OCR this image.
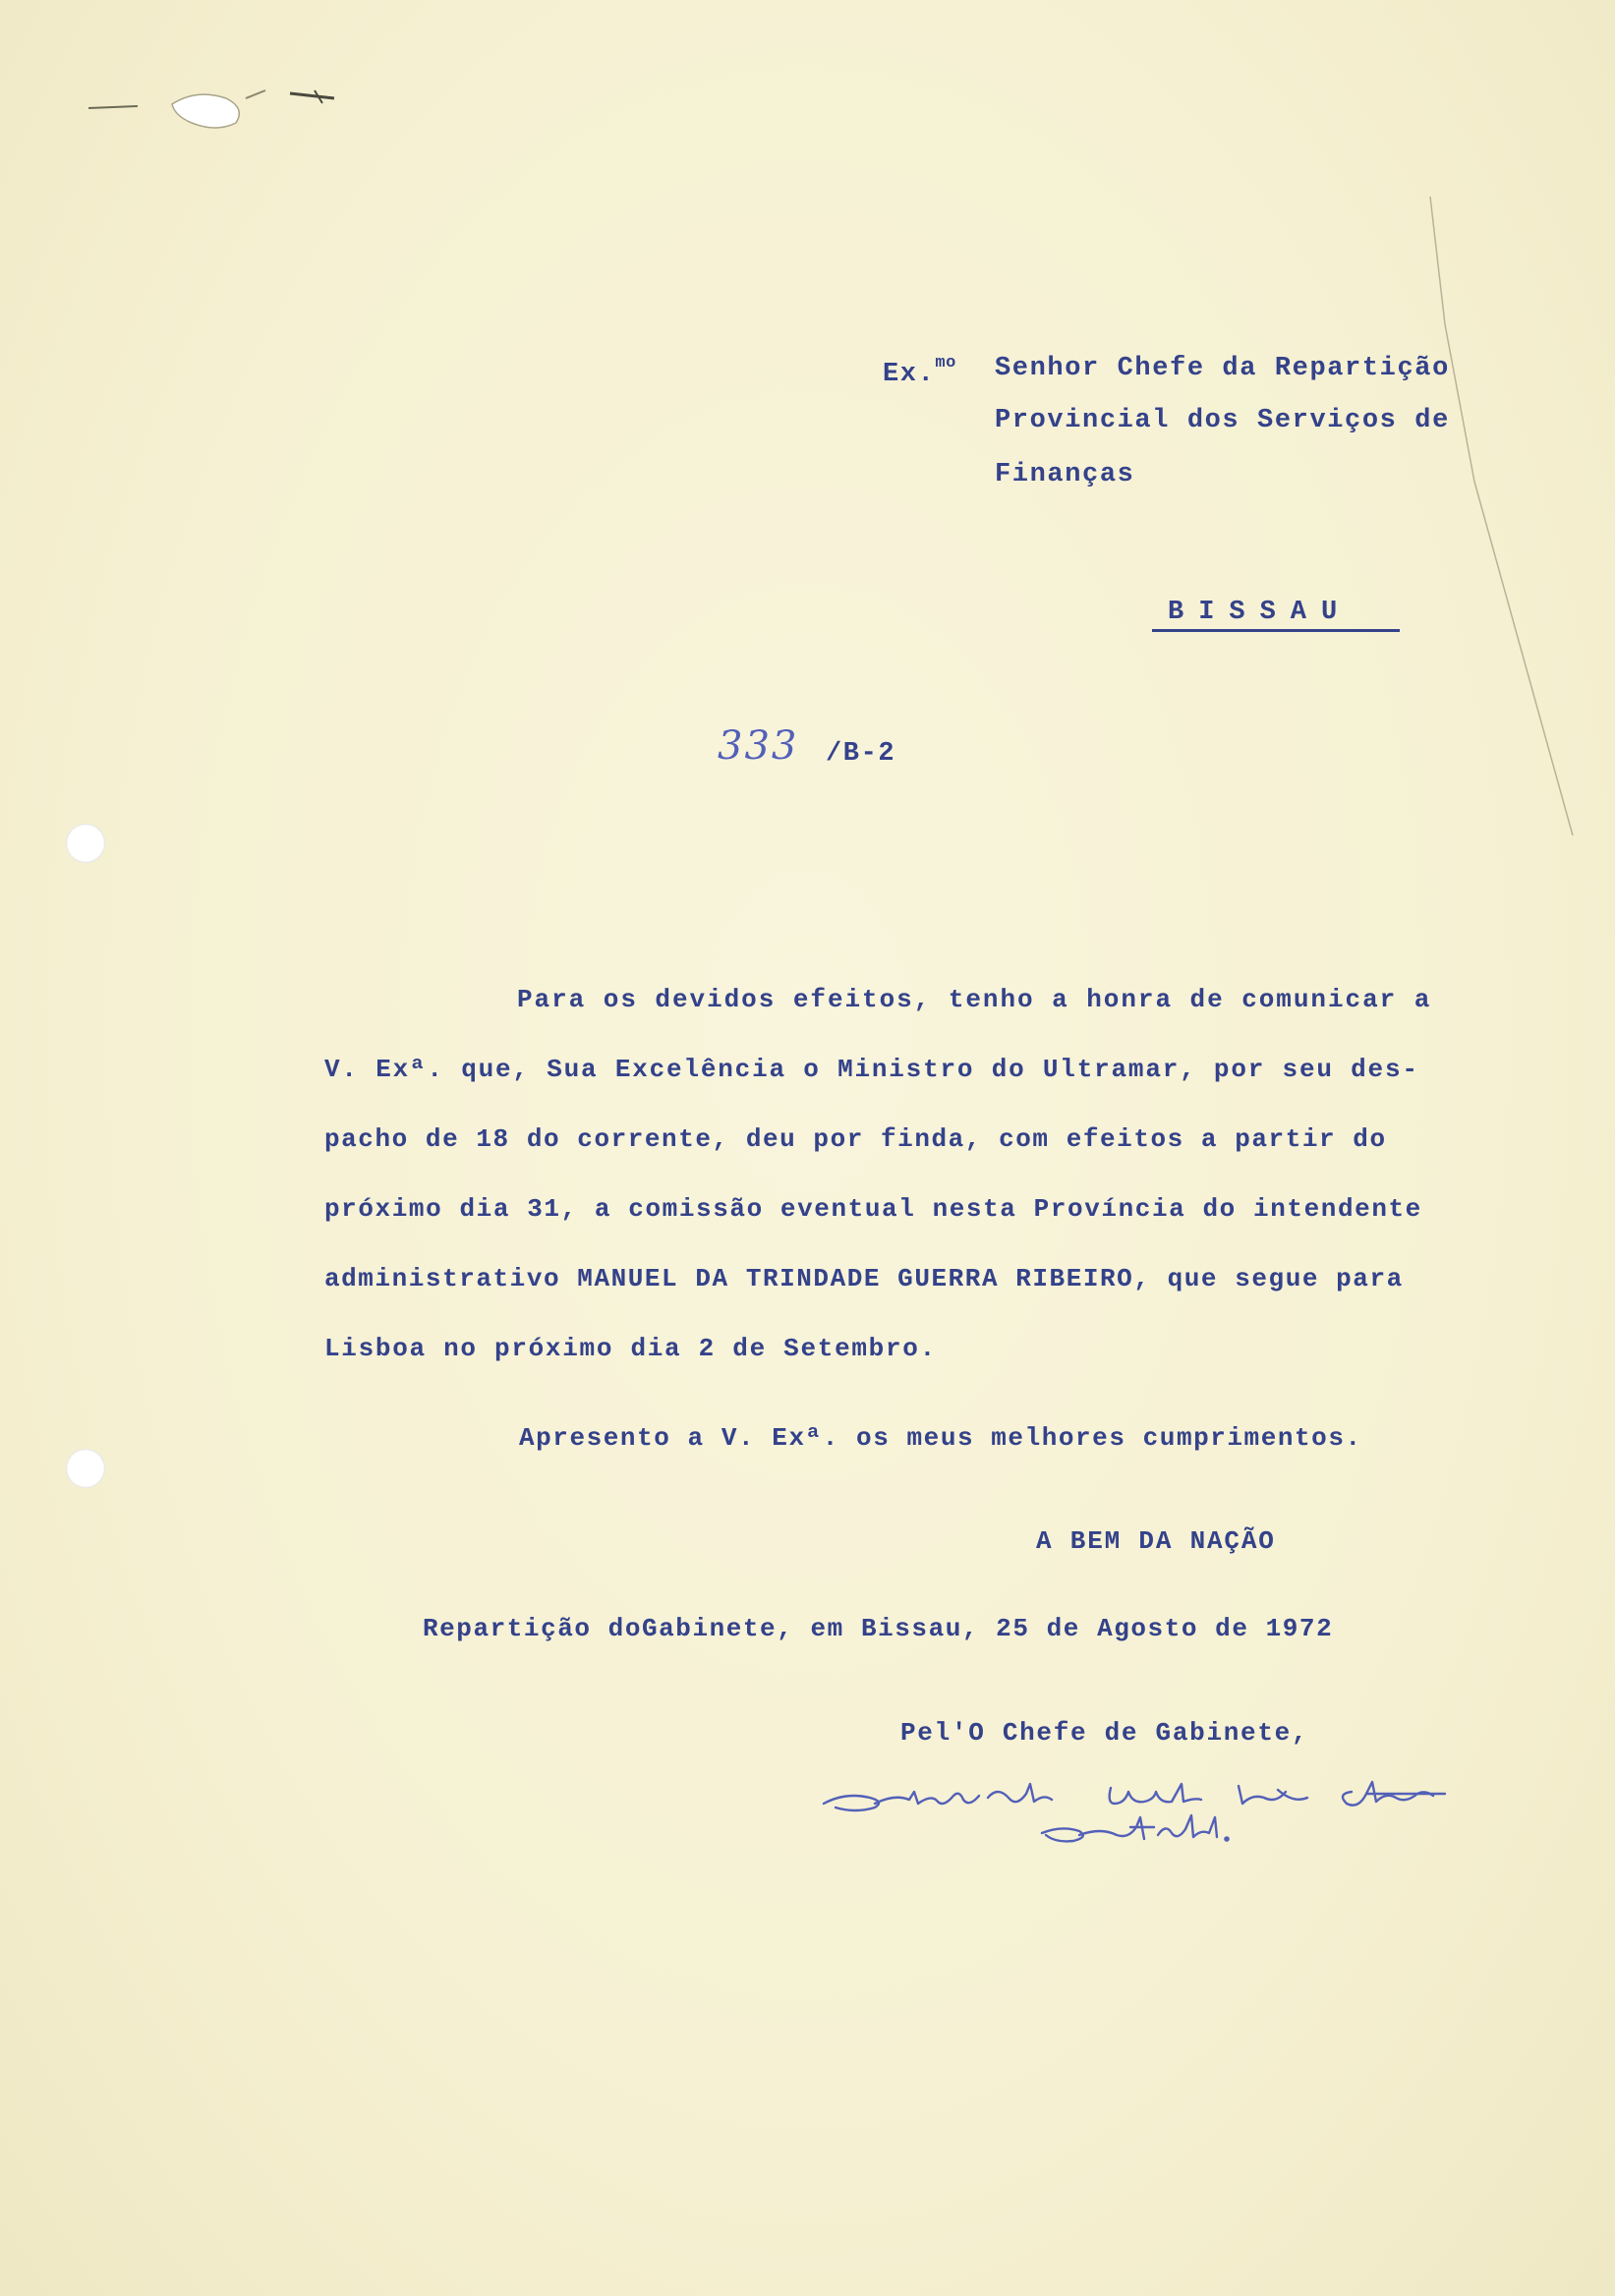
Ex.$^{mo}$ Senhor Chefe da Repartição

Provincial dos Serviços de

Finanças

BISSAU

333 /B-2

Para os devidos efeitos, tenho a honra de comunicar a

V. Exª. que, Sua Excelência o Ministro do Ultramar, por seu des-

pacho de 18 do corrente, deu por finda, com efeitos a partir do

próximo dia 31, a comissão eventual nesta Província do intendente

administrativo MANUEL DA TRINDADE GUERRA RIBEIRO, que segue para

Lisboa no próximo dia 2 de Setembro.

Apresento a V. Exª. os meus melhores cumprimentos.

A BEM DA NAÇÃO

Repartição doGabinete, em Bissau, 25 de Agosto de 1972

Pel'O Chefe de Gabinete,
